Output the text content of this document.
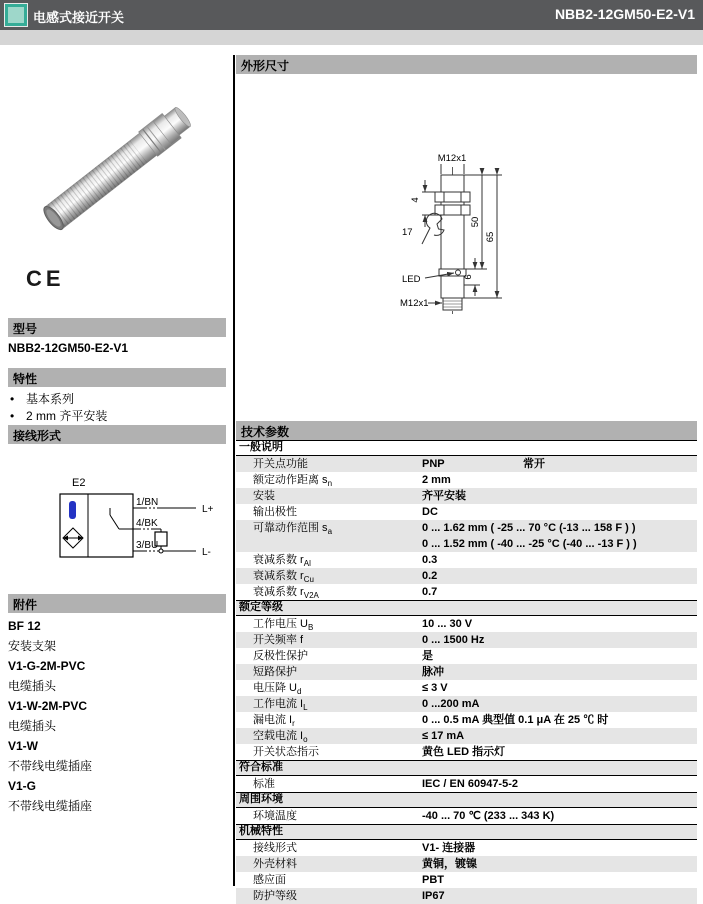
电感式接近开关	NBB2-12GM50-E2-V1
CE
型号
NBB2-12GM50-E2-V1
特性
• 基本系列
• 2 mm 齐平安装
接线形式
E2
1/BN
4/BK
3/BU
L+
L-
附件
BF 12
安装支架
V1-G-2M-PVC
电缆插头
V1-W-2M-PVC
电缆插头
V1-W
不带线电缆插座
V1-G
不带线电缆插座
外形尺寸
M12x1
4
17
50
65
LED	6
M12x1
技术参数
一般说明
开关点功能	PNP	常开
额定动作距离 $s_n$	2 mm
安装	齐平安装
输出极性	DC
可靠动作范围 $s_a$	0 ... 1.62 mm ( -25 ... 70 °C (-13 ... 158 F ) )
0 ... 1.52 mm ( -40 ... -25 °C (-40 ... -13 F ) )
衰减系数 $r_{Al}$	0.3
衰减系数 $r_{Cu}$	0.2
衰减系数 $r_{V2A}$	0.7
额定等级
工作电压 $U_B$	10 ... 30 V
开关频率 f	0 ... 1500 Hz
反极性保护	是
短路保护	脉冲
电压降 $U_d$	≤ 3 V
工作电流 $I_L$	0 ...200 mA
漏电流 $I_r$	0 ... 0.5 mA 典型值 0.1 μA 在 25 ℃ 时
空载电流 $I_o$	≤ 17 mA
开关状态指示	黄色 LED 指示灯
符合标准
标准	IEC / EN 60947-5-2
周围环境
环境温度	-40 ... 70 ℃ (233 ... 343 K)
机械特性
接线形式	V1- 连接器
外壳材料	黄铜，镀镍
感应面	PBT
防护等级	IP67
